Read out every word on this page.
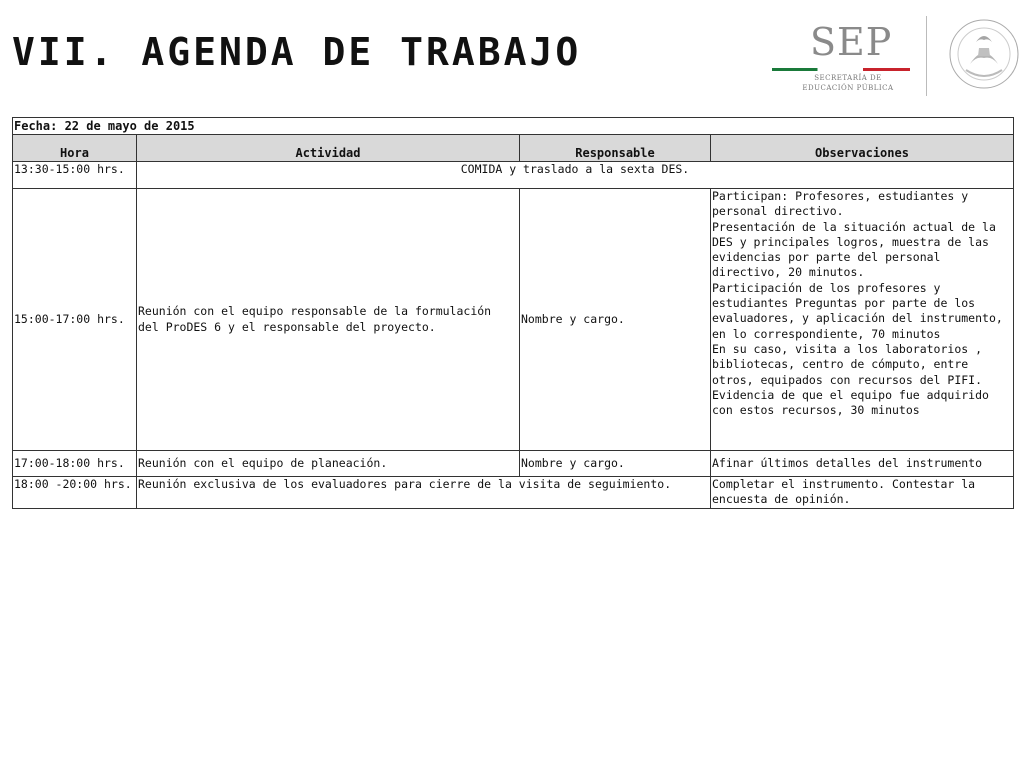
VII. AGENDA DE TRABAJO	SEP
SECRETARÍA DE
EDUCACIÓN PÚBLICA
Fecha: 22 de mayo de 2015			
Hora	Actividad	Responsable	Observaciones
13:30-15:00 hrs.	COMIDA y traslado a la sexta DES.		
15:00-17:00 hrs.	Reunión con el equipo responsable de la formulación del ProDES 6 y el responsable del proyecto.	Nombre y cargo.	Participan: Profesores, estudiantes y personal directivo.
Presentación de la situación actual de la DES y principales logros, muestra de las evidencias por parte del personal directivo, 20 minutos.
Participación de los profesores y estudiantes Preguntas por parte de los evaluadores, y aplicación del instrumento, en lo correspondiente, 70 minutos
En su caso, visita a los laboratorios , bibliotecas, centro de cómputo, entre otros, equipados con recursos del PIFI. Evidencia de que el equipo fue adquirido con estos recursos, 30 minutos

17:00-18:00 hrs.	Reunión con el equipo de planeación.	Nombre y cargo.	Afinar últimos detalles del instrumento
18:00 -20:00 hrs.	Reunión exclusiva de los evaluadores para cierre de la visita de seguimiento.		Completar el instrumento. Contestar la encuesta de opinión.
